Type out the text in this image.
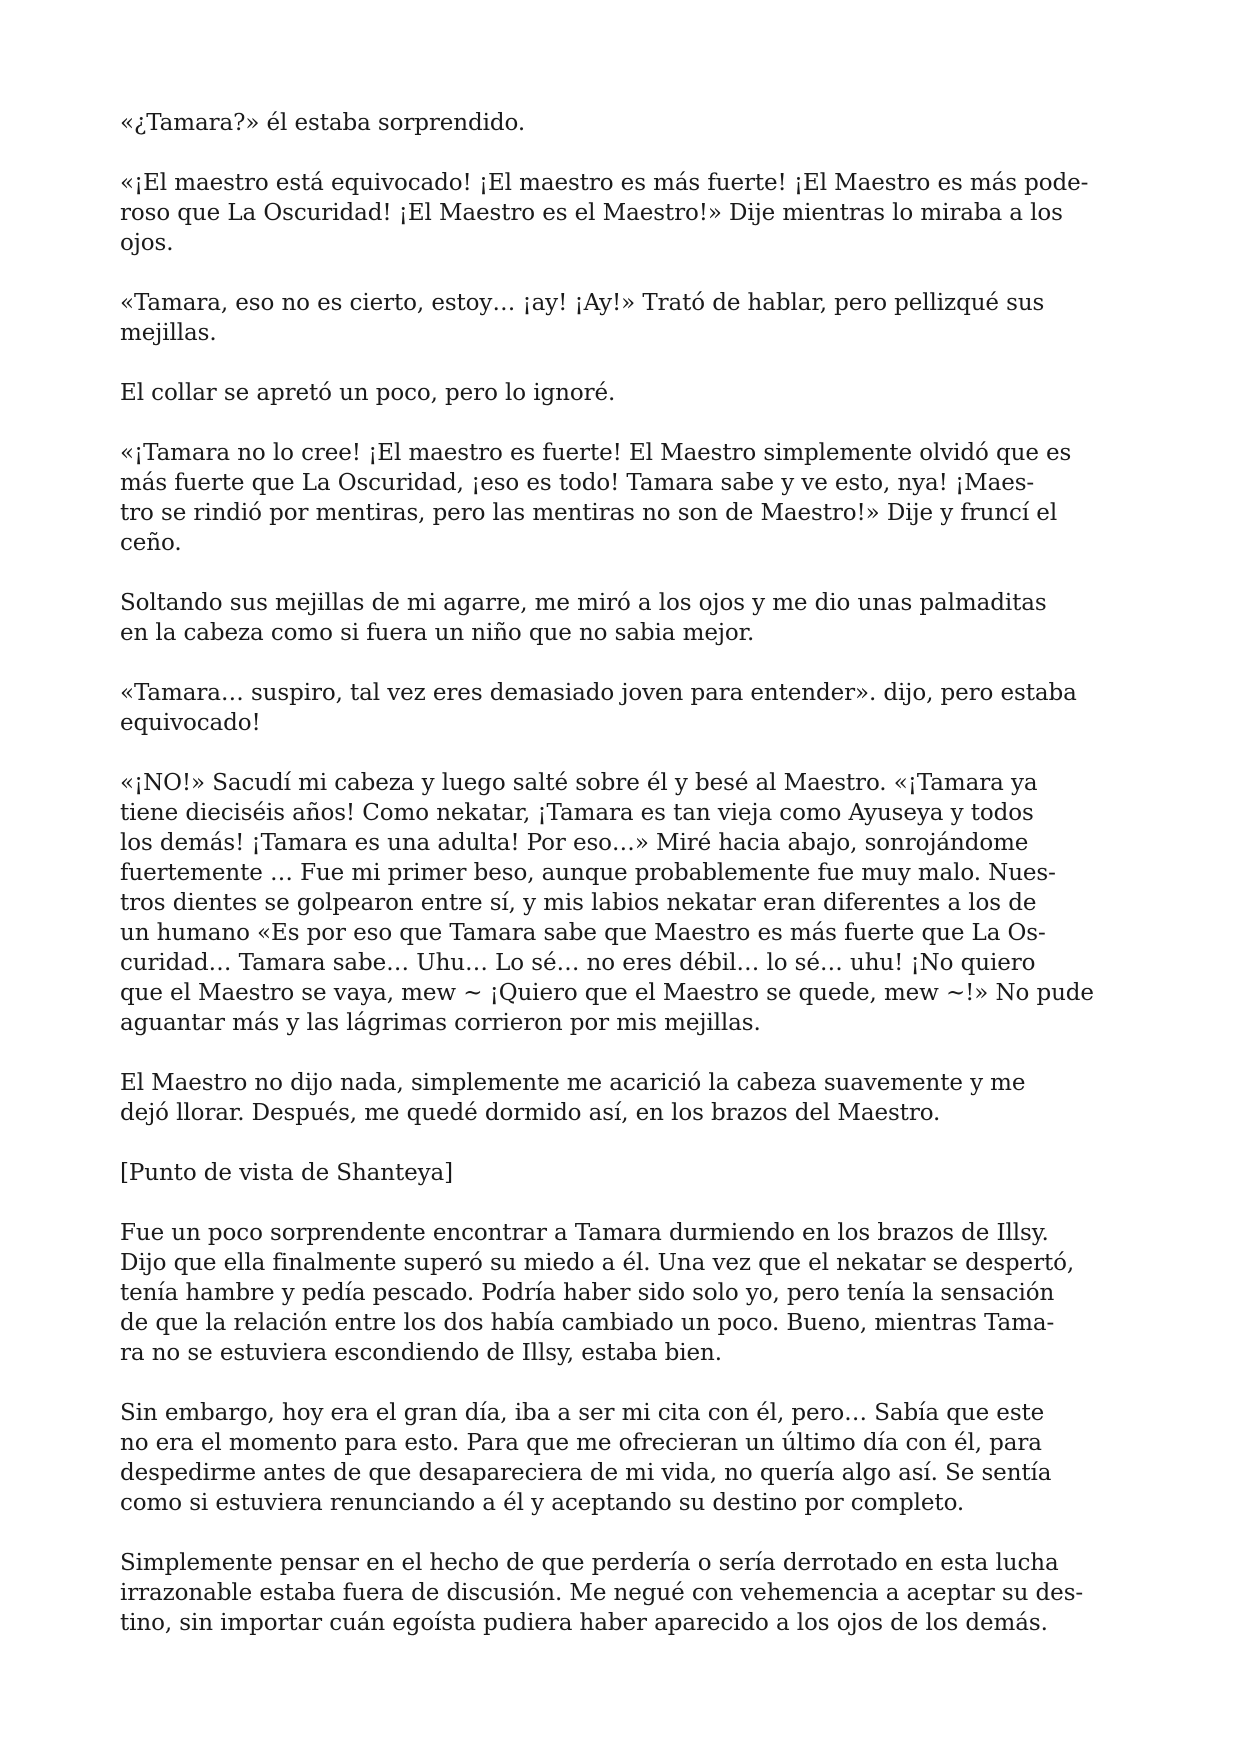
«¿Tamara?» él estaba sorprendido.
«¡El maestro está equivocado! ¡El maestro es más fuerte! ¡El Maestro es más pode-
roso que La Oscuridad! ¡El Maestro es el Maestro!» Dije mientras lo miraba a los
ojos.
«Tamara, eso no es cierto, estoy… ¡ay! ¡Ay!» Trató de hablar, pero pellizqué sus
mejillas.
El collar se apretó un poco, pero lo ignoré.
«¡Tamara no lo cree! ¡El maestro es fuerte! El Maestro simplemente olvidó que es
más fuerte que La Oscuridad, ¡eso es todo! Tamara sabe y ve esto, nya! ¡Maes-
tro se rindió por mentiras, pero las mentiras no son de Maestro!» Dije y fruncí el
ceño.
Soltando sus mejillas de mi agarre, me miró a los ojos y me dio unas palmaditas
en la cabeza como si fuera un niño que no sabia mejor.
«Tamara… suspiro, tal vez eres demasiado joven para entender». dijo, pero estaba
equivocado!
«¡NO!» Sacudí mi cabeza y luego salté sobre él y besé al Maestro. «¡Tamara ya
tiene dieciséis años! Como nekatar, ¡Tamara es tan vieja como Ayuseya y todos
los demás! ¡Tamara es una adulta! Por eso…» Miré hacia abajo, sonrojándome
fuertemente … Fue mi primer beso, aunque probablemente fue muy malo. Nues-
tros dientes se golpearon entre sí, y mis labios nekatar eran diferentes a los de
un humano «Es por eso que Tamara sabe que Maestro es más fuerte que La Os-
curidad… Tamara sabe… Uhu… Lo sé… no eres débil… lo sé… uhu! ¡No quiero
que el Maestro se vaya, mew ~ ¡Quiero que el Maestro se quede, mew ~!» No pude
aguantar más y las lágrimas corrieron por mis mejillas.
El Maestro no dijo nada, simplemente me acarició la cabeza suavemente y me
dejó llorar. Después, me quedé dormido así, en los brazos del Maestro.
[Punto de vista de Shanteya]
Fue un poco sorprendente encontrar a Tamara durmiendo en los brazos de Illsy.
Dijo que ella finalmente superó su miedo a él. Una vez que el nekatar se despertó,
tenía hambre y pedía pescado. Podría haber sido solo yo, pero tenía la sensación
de que la relación entre los dos había cambiado un poco. Bueno, mientras Tama-
ra no se estuviera escondiendo de Illsy, estaba bien.
Sin embargo, hoy era el gran día, iba a ser mi cita con él, pero… Sabía que este
no era el momento para esto. Para que me ofrecieran un último día con él, para
despedirme antes de que desapareciera de mi vida, no quería algo así. Se sentía
como si estuviera renunciando a él y aceptando su destino por completo.
Simplemente pensar en el hecho de que perdería o sería derrotado en esta lucha
irrazonable estaba fuera de discusión. Me negué con vehemencia a aceptar su des-
tino, sin importar cuán egoísta pudiera haber aparecido a los ojos de los demás.
